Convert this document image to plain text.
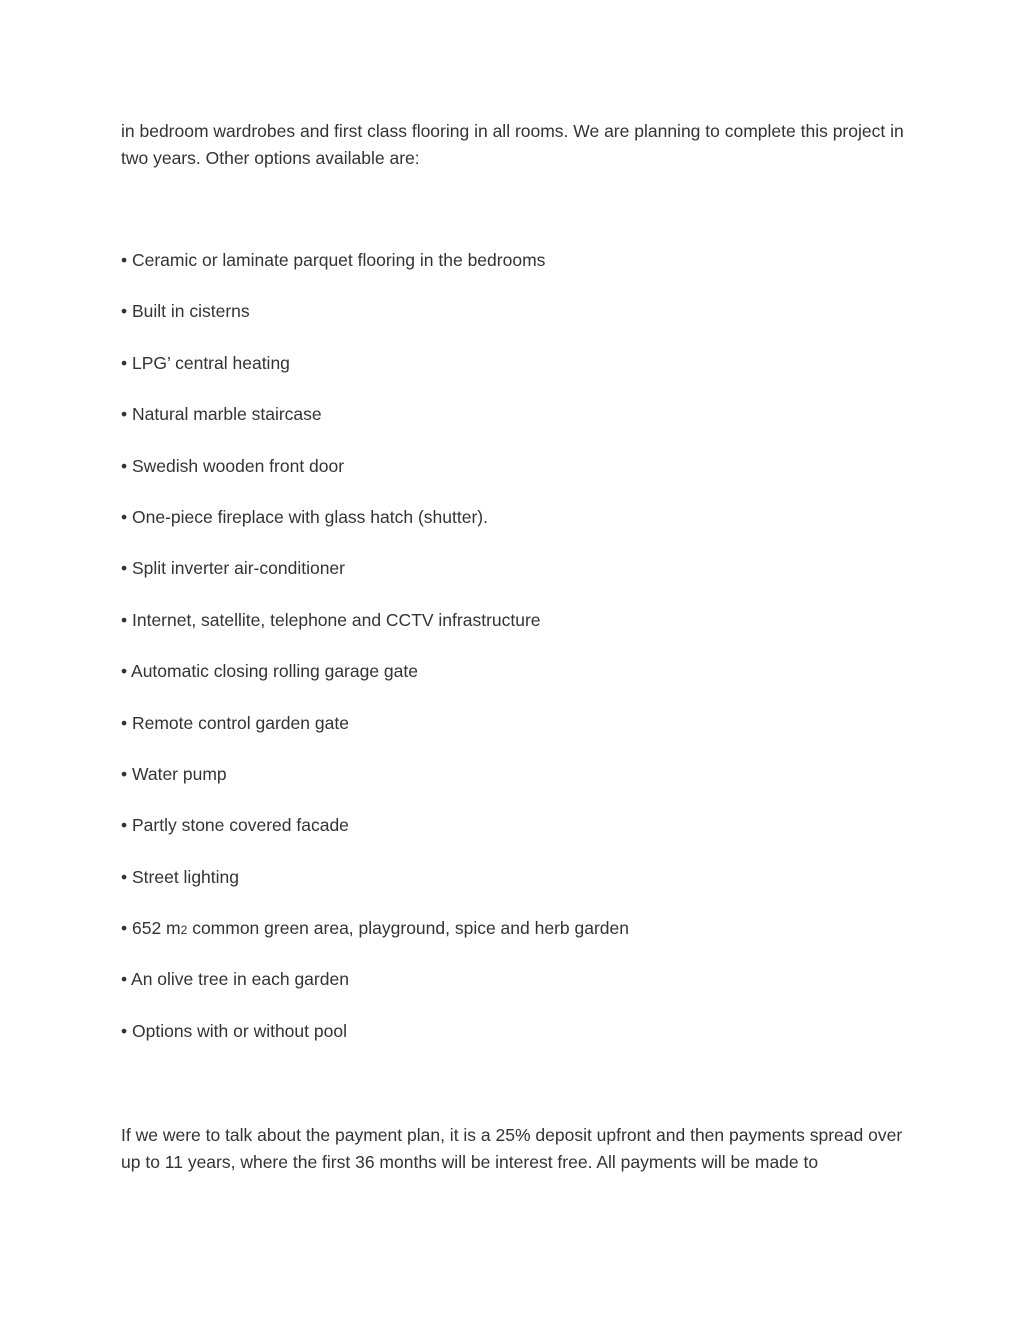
in bedroom wardrobes and first class flooring in all rooms. We are planning to complete this project in two years. Other options available are:

• Ceramic or laminate parquet flooring in the bedrooms
• Built in cisterns
• LPG’ central heating
• Natural marble staircase
• Swedish wooden front door
• One-piece fireplace with glass hatch (shutter).
• Split inverter air-conditioner
• Internet, satellite, telephone and CCTV infrastructure
• Automatic closing rolling garage gate
• Remote control garden gate
• Water pump
• Partly stone covered facade
• Street lighting
• 652 m2 common green area, playground, spice and herb garden
• An olive tree in each garden
• Options with or without pool

If we were to talk about the payment plan, it is a 25% deposit upfront and then payments spread over up to 11 years, where the first 36 months will be interest free. All payments will be made to
